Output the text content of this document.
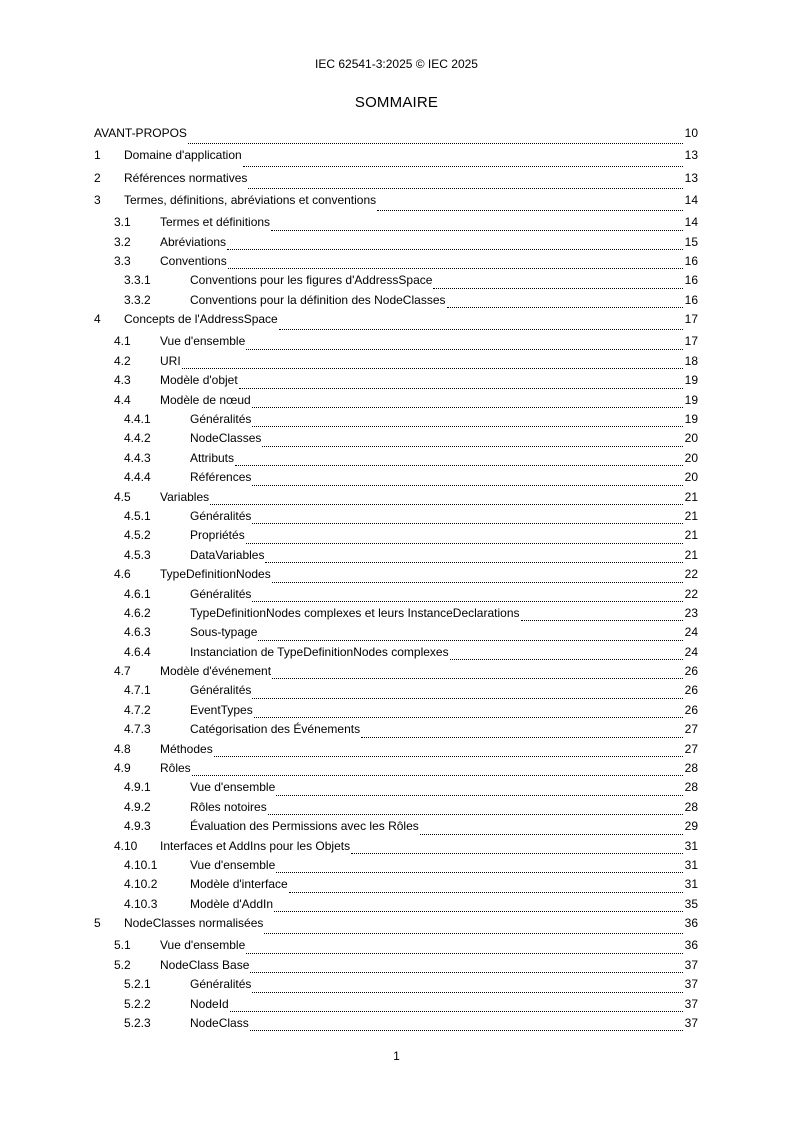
IEC 62541-3:2025 © IEC 2025
SOMMAIRE
AVANT-PROPOS	10
1	Domaine d'application	13
2	Références normatives	13
3	Termes, définitions, abréviations et conventions	14
3.1 Termes et définitions	14
3.2 Abréviations	15
3.3 Conventions	16
3.3.1	Conventions pour les figures d'AddressSpace	16
3.3.2	Conventions pour la définition des NodeClasses	16
4	Concepts de l'AddressSpace	17
4.1 Vue d'ensemble	17
4.2 URI	18
4.3 Modèle d'objet	19
4.4 Modèle de nœud	19
4.4.1	Généralités	19
4.4.2	NodeClasses	20
4.4.3	Attributs	20
4.4.4	Références	20
4.5 Variables	21
4.5.1	Généralités	21
4.5.2	Propriétés	21
4.5.3	DataVariables	21
4.6 TypeDefinitionNodes	22
4.6.1	Généralités	22
4.6.2	TypeDefinitionNodes complexes et leurs InstanceDeclarations	23
4.6.3	Sous-typage	24
4.6.4	Instanciation de TypeDefinitionNodes complexes	24
4.7 Modèle d'événement	26
4.7.1	Généralités	26
4.7.2	EventTypes	26
4.7.3	Catégorisation des Événements	27
4.8 Méthodes	27
4.9 Rôles	28
4.9.1	Vue d'ensemble	28
4.9.2	Rôles notoires	28
4.9.3	Évaluation des Permissions avec les Rôles	29
4.10	Interfaces et AddIns pour les Objets	31
4.10.1	Vue d'ensemble	31
4.10.2	Modèle d'interface	31
4.10.3	Modèle d'AddIn	35
5	NodeClasses normalisées	36
5.1 Vue d'ensemble	36
5.2 NodeClass Base	37
5.2.1	Généralités	37
5.2.2	NodeId	37
5.2.3	NodeClass	37
1
